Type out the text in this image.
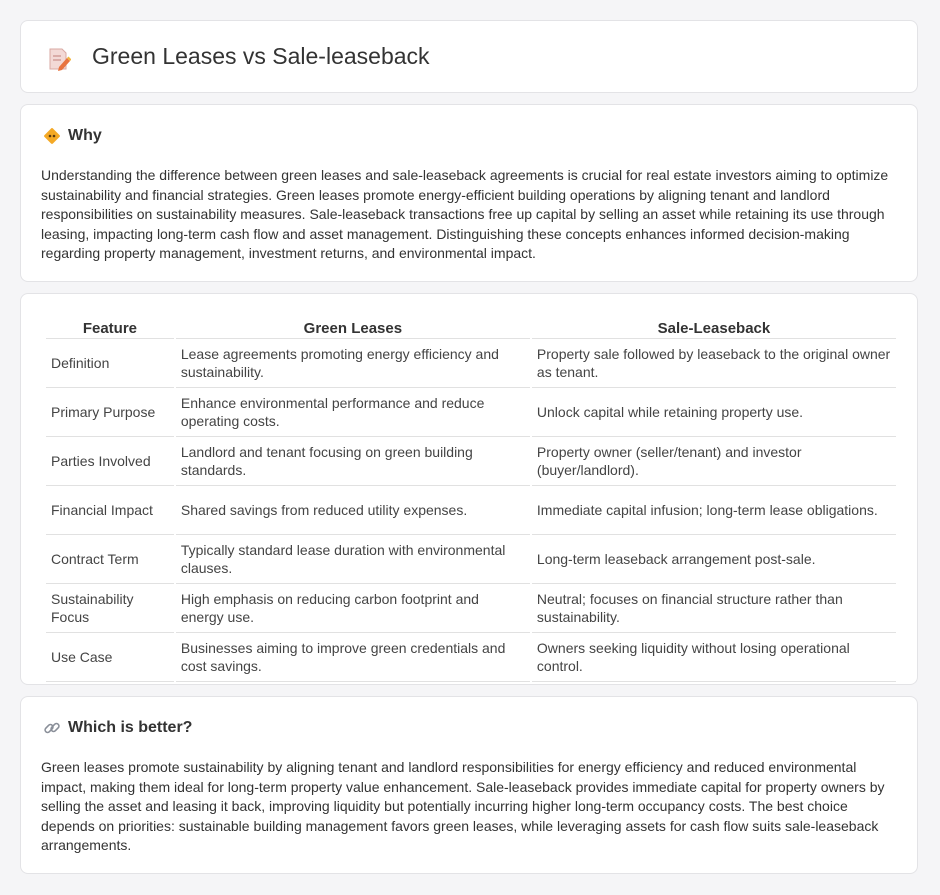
Green Leases vs Sale-leaseback
Why

Understanding the difference between green leases and sale-leaseback agreements is crucial for real estate investors aiming to optimize sustainability and financial strategies. Green leases promote energy-efficient building operations by aligning tenant and landlord responsibilities on sustainability measures. Sale-leaseback transactions free up capital by selling an asset while retaining its use through leasing, impacting long-term cash flow and asset management. Distinguishing these concepts enhances informed decision-making regarding property management, investment returns, and environmental impact.

Feature	Green Leases	Sale-Leaseback
Definition	Lease agreements promoting energy efficiency and sustainability.	Property sale followed by leaseback to the original owner as tenant.
Primary Purpose	Enhance environmental performance and reduce operating costs.	Unlock capital while retaining property use.
Parties Involved	Landlord and tenant focusing on green building standards.	Property owner (seller/tenant) and investor (buyer/landlord).
Financial Impact	Shared savings from reduced utility expenses.	Immediate capital infusion; long-term lease obligations.
Contract Term	Typically standard lease duration with environmental clauses.	Long-term leaseback arrangement post-sale.
Sustainability Focus	High emphasis on reducing carbon footprint and energy use.	Neutral; focuses on financial structure rather than sustainability.
Use Case	Businesses aiming to improve green credentials and cost savings.	Owners seeking liquidity without losing operational control.
Which is better?

Green leases promote sustainability by aligning tenant and landlord responsibilities for energy efficiency and reduced environmental impact, making them ideal for long-term property value enhancement. Sale-leaseback provides immediate capital for property owners by selling the asset and leasing it back, improving liquidity but potentially incurring higher long-term occupancy costs. The best choice depends on priorities: sustainable building management favors green leases, while leveraging assets for cash flow suits sale-leaseback arrangements.
